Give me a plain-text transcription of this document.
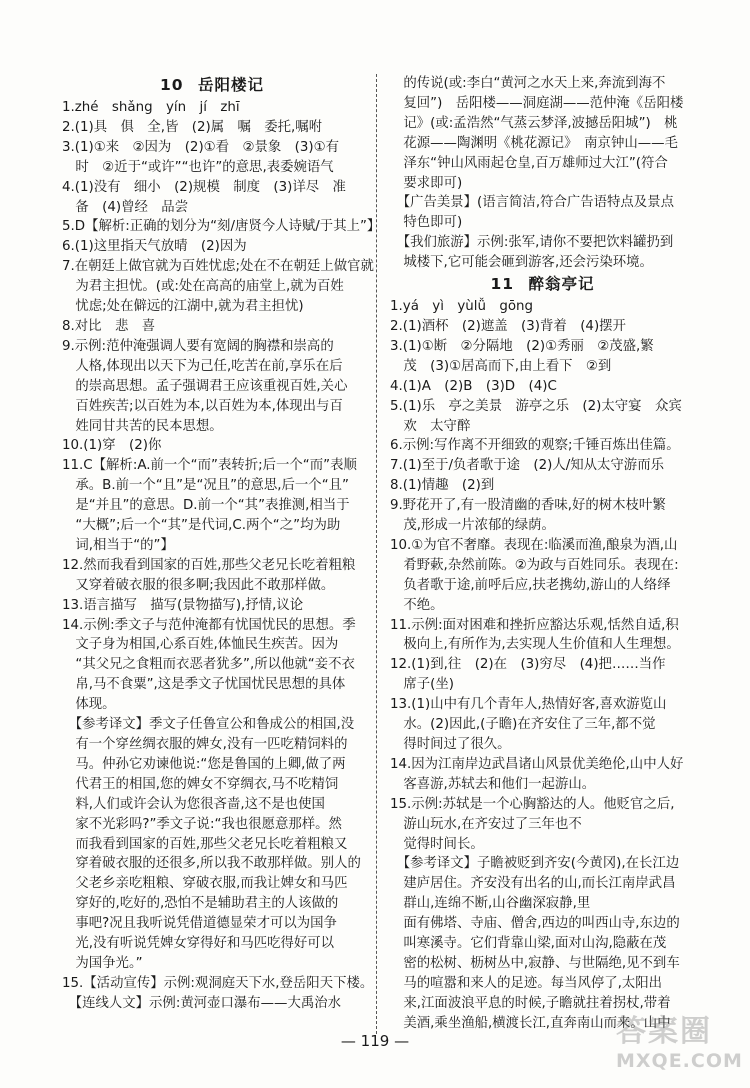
10 岳阳楼记
1.zhé　shǎng　yín　jí　zhī
2.(1)具　俱　全,皆　(2)属　嘱　委托,嘱咐
3.(1)①来　②因为　(2)①看　②景象　(3)①有
　时　②近于“或许”“也许”的意思,表委婉语气
4.(1)没有　细小　(2)规模　制度　(3)详尽　准
　备　(4)曾经　品尝
5.D【解析:正确的划分为“刻/唐贤今人诗赋/于其上”】
6.(1)这里指天气放晴　(2)因为
7.在朝廷上做官就为百姓忧虑;处在不在朝廷上做官就
　为君主担忧。(或:处在高高的庙堂上,就为百姓
　忧虑;处在僻远的江湖中,就为君主担忧)
8.对比　悲　喜
9.示例:范仲淹强调人要有宽阔的胸襟和崇高的
　人格,体现出以天下为己任,吃苦在前,享乐在后
　的崇高思想。孟子强调君王应该重视百姓,关心
　百姓疾苦;以百姓为本,以百姓为本,体现出与百
　姓同甘共苦的民本思想。
10.(1)穿　(2)你
11.C【解析:A.前一个“而”表转折;后一个“而”表顺
　承。B.前一个“且”是“况且”的意思,后一个“且”
　是“并且”的意思。D.前一个“其”表推测,相当于
　“大概”;后一个“其”是代词,C.两个“之”均为助
　词,相当于“的”】
12.然而我看到国家的百姓,那些父老兄长吃着粗粮
　又穿着破衣服的很多啊;我因此不敢那样做。
13.语言描写　描写(景物描写),抒情,议论
14.示例:季文子与范仲淹都有忧国忧民的思想。季
　文子身为相国,心系百姓,体恤民生疾苦。因为
　“其父兄之食粗而衣恶者犹多”,所以他就“妾不衣
　帛,马不食粟”,这是季文子忧国忧民思想的具体
　体现。
　【参考译文】季文子任鲁宣公和鲁成公的相国,没
　有一个穿丝绸衣服的婢女,没有一匹吃精饲料的
　马。仲孙它劝谏他说:“您是鲁国的上卿,做了两
　代君王的相国,您的婢女不穿绸衣,马不吃精饲
　料,人们或许会认为您很吝啬,这不是也使国
　家不光彩吗?”季文子说:“我也很愿意那样。然
　而我看到国家的百姓,那些父老兄长吃着粗粮又
　穿着破衣服的还很多,所以我不敢那样做。别人的
　父老乡亲吃粗粮、穿破衣服,而我让婢女和马匹
　穿好的,吃好的,恐怕不是辅助君主的人该做的
　事吧?况且我听说凭借道德显荣才可以为国争
　光,没有听说凭婢女穿得好和马匹吃得好可以
　为国争光。”
15.【活动宣传】示例:观洞庭天下水,登岳阳天下楼。
　【连线人文】示例:黄河壶口瀑布——大禹治水
　的传说(或:李白“黄河之水天上来,奔流到海不
　复回”)　岳阳楼——洞庭湖——范仲淹《岳阳楼
　记》(或:孟浩然“气蒸云梦泽,波撼岳阳城”)　桃
　花源——陶渊明《桃花源记》　南京钟山——毛
　泽东“钟山风雨起仓皇,百万雄师过大江”(符合
　要求即可)
　【广告美景】(语言简洁,符合广告语特点及景点
　特色即可)
　【我们旅游】示例:张军,请你不要把饮料罐扔到
　城楼下,它可能会砸到游客,还会污染环境。
11 醉翁亭记
1.yá　yì　yùlǚ　gōng
2.(1)酒杯　(2)遮盖　(3)背着　(4)摆开
3.(1)①断　②分隔地　(2)①秀丽　②茂盛,繁
　茂　(3)①居高而下,由上看下　②到
4.(1)A　(2)B　(3)D　(4)C
5.(1)乐　亭之美景　游亭之乐　(2)太守宴　众宾
　欢　太守醉
6.示例:写作离不开细致的观察;千锤百炼出佳篇。
7.(1)至于/负者歌于途　(2)人/知从太守游而乐
8.(1)情趣　(2)到
9.野花开了,有一股清幽的香味,好的树木枝叶繁
　茂,形成一片浓郁的绿荫。
10.①为官不奢靡。表现在:临溪而渔,酿泉为酒,山
　肴野蔌,杂然前陈。②为政与百姓同乐。表现在:
　负者歌于途,前呼后应,扶老携幼,游山的人络绎
　不绝。
11.示例:面对困难和挫折应豁达乐观,恬然自适,积
　极向上,有所作为,去实现人生价值和人生理想。
12.(1)到,往　(2)在　(3)穷尽　(4)把……当作
　席子(坐)
13.(1)山中有几个青年人,热情好客,喜欢游览山
　水。(2)因此,(子瞻)在齐安住了三年,都不觉
　得时间过了很久。
14.因为江南岸边武昌诸山风景优美绝伦,山中人好
　客喜游,苏轼去和他们一起游山。
15.示例:苏轼是一个心胸豁达的人。他贬官之后,
　游山玩水,在齐安过了三年也不
　觉得时间长。
　【参考译文】子瞻被贬到齐安(今黄冈),在长江边
　建庐居住。齐安没有出名的山,而长江南岸武昌
　群山,连绵不断,山谷幽深寂静,里
　面有佛塔、寺庙、僧舍,西边的叫西山寺,东边的
　叫寒溪寺。它们背靠山梁,面对山沟,隐蔽在茂
　密的松树、枥树丛中,寂静、与世隔绝,见不到车
　马的喧嚣和来人的足迹。每当风停了,太阳出
　来,江面波浪平息的时候,子瞻就拄着拐杖,带着
　美酒,乘坐渔船,横渡长江,直奔南山而来。山中
— 119 —	答案圈
MXQE.COM
